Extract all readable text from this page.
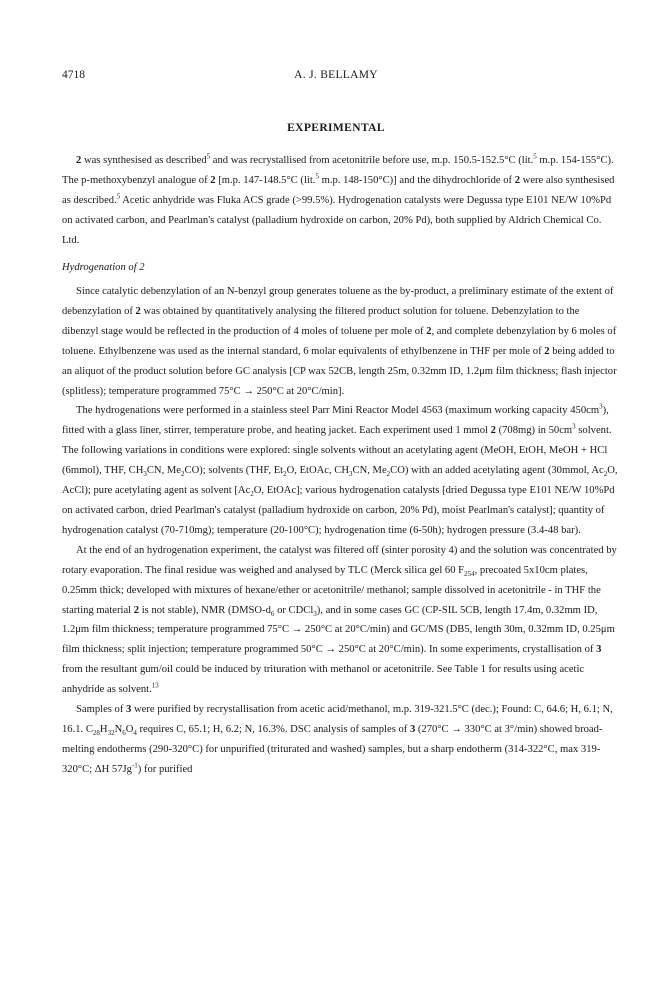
4718	A. J. BELLAMY
EXPERIMENTAL

2 was synthesised as described$^5$ and was recrystallised from acetonitrile before use, m.p. 150.5-152.5°C (lit.$^5$ m.p. 154-155°C). The p-methoxybenzyl analogue of 2 [m.p. 147-148.5°C (lit.$^5$ m.p. 148-150°C)] and the dihydrochloride of 2 were also synthesised as described.$^5$ Acetic anhydride was Fluka ACS grade (>99.5%). Hydrogenation catalysts were Degussa type E101 NE/W 10%Pd on activated carbon, and Pearlman's catalyst (palladium hydroxide on carbon, 20% Pd), both supplied by Aldrich Chemical Co. Ltd.

Hydrogenation of 2

Since catalytic debenzylation of an N-benzyl group generates toluene as the by-product, a preliminary estimate of the extent of debenzylation of 2 was obtained by quantitatively analysing the filtered product solution for toluene. Debenzylation to the dibenzyl stage would be reflected in the production of 4 moles of toluene per mole of 2, and complete debenzylation by 6 moles of toluene. Ethylbenzene was used as the internal standard, 6 molar equivalents of ethylbenzene in THF per mole of 2 being added to an aliquot of the product solution before GC analysis [CP wax 52CB, length 25m, 0.32mm ID, 1.2μm film thickness; flash injector (splitless); temperature programmed 75°C → 250°C at 20°C/min].

The hydrogenations were performed in a stainless steel Parr Mini Reactor Model 4563 (maximum working capacity $450cm^3$), fitted with a glass liner, stirrer, temperature probe, and heating jacket. Each experiment used 1 mmol 2 (708mg) in $50cm^3$ solvent. The following variations in conditions were explored: single solvents without an acetylating agent (MeOH, EtOH, MeOH + HCl (6mmol), THF, $CH_3CN$, $Me_2CO$); solvents (THF, $Et_2O$, EtOAc, $CH_3CN$, $Me_2CO$) with an added acetylating agent (30mmol, $Ac_2O$, AcCl); pure acetylating agent as solvent [$Ac_2O$, EtOAc]; various hydrogenation catalysts [dried Degussa type E101 NE/W 10%Pd on activated carbon, dried Pearlman's catalyst (palladium hydroxide on carbon, 20% Pd), moist Pearlman's catalyst]; quantity of hydrogenation catalyst (70-710mg); temperature (20-100°C); hydrogenation time (6-50h); hydrogen pressure (3.4-48 bar).

At the end of an hydrogenation experiment, the catalyst was filtered off (sinter porosity 4) and the solution was concentrated by rotary evaporation. The final residue was weighed and analysed by TLC (Merck silica gel 60 $F_{254}$, precoated 5x10cm plates, 0.25mm thick; developed with mixtures of hexane/ether or acetonitrile/ methanol; sample dissolved in acetonitrile - in THF the starting material 2 is not stable), NMR ($DMSO-d_6$ or CDCl$_3$), and in some cases GC (CP-SIL 5CB, length 17.4m, 0.32mm ID, 1.2μm film thickness; temperature programmed 75°C → 250°C at 20°C/min) and GC/MS (DB5, length 30m, 0.32mm ID, 0.25μm film thickness; split injection; temperature programmed 50°C → 250°C at 20°C/min). In some experiments, crystallisation of 3 from the resultant gum/oil could be induced by trituration with methanol or acetonitrile. See Table 1 for results using acetic anhydride as solvent.$^{13}$

Samples of 3 were purified by recrystallisation from acetic acid/methanol, m.p. 319-321.5°C (dec.); Found: C, 64.6; H, 6.1; N, 16.1. $C_{28}H_{32}N_6O_4$ requires C, 65.1; H, 6.2; N, 16.3%. DSC analysis of samples of 3 (270°C → 330°C at 3°/min) showed broad-melting endotherms (290-320°C) for unpurified (triturated and washed) samples, but a sharp endotherm (314-322°C, max 319-320°C; ΔH $57Jg^{-1}$) for purified
